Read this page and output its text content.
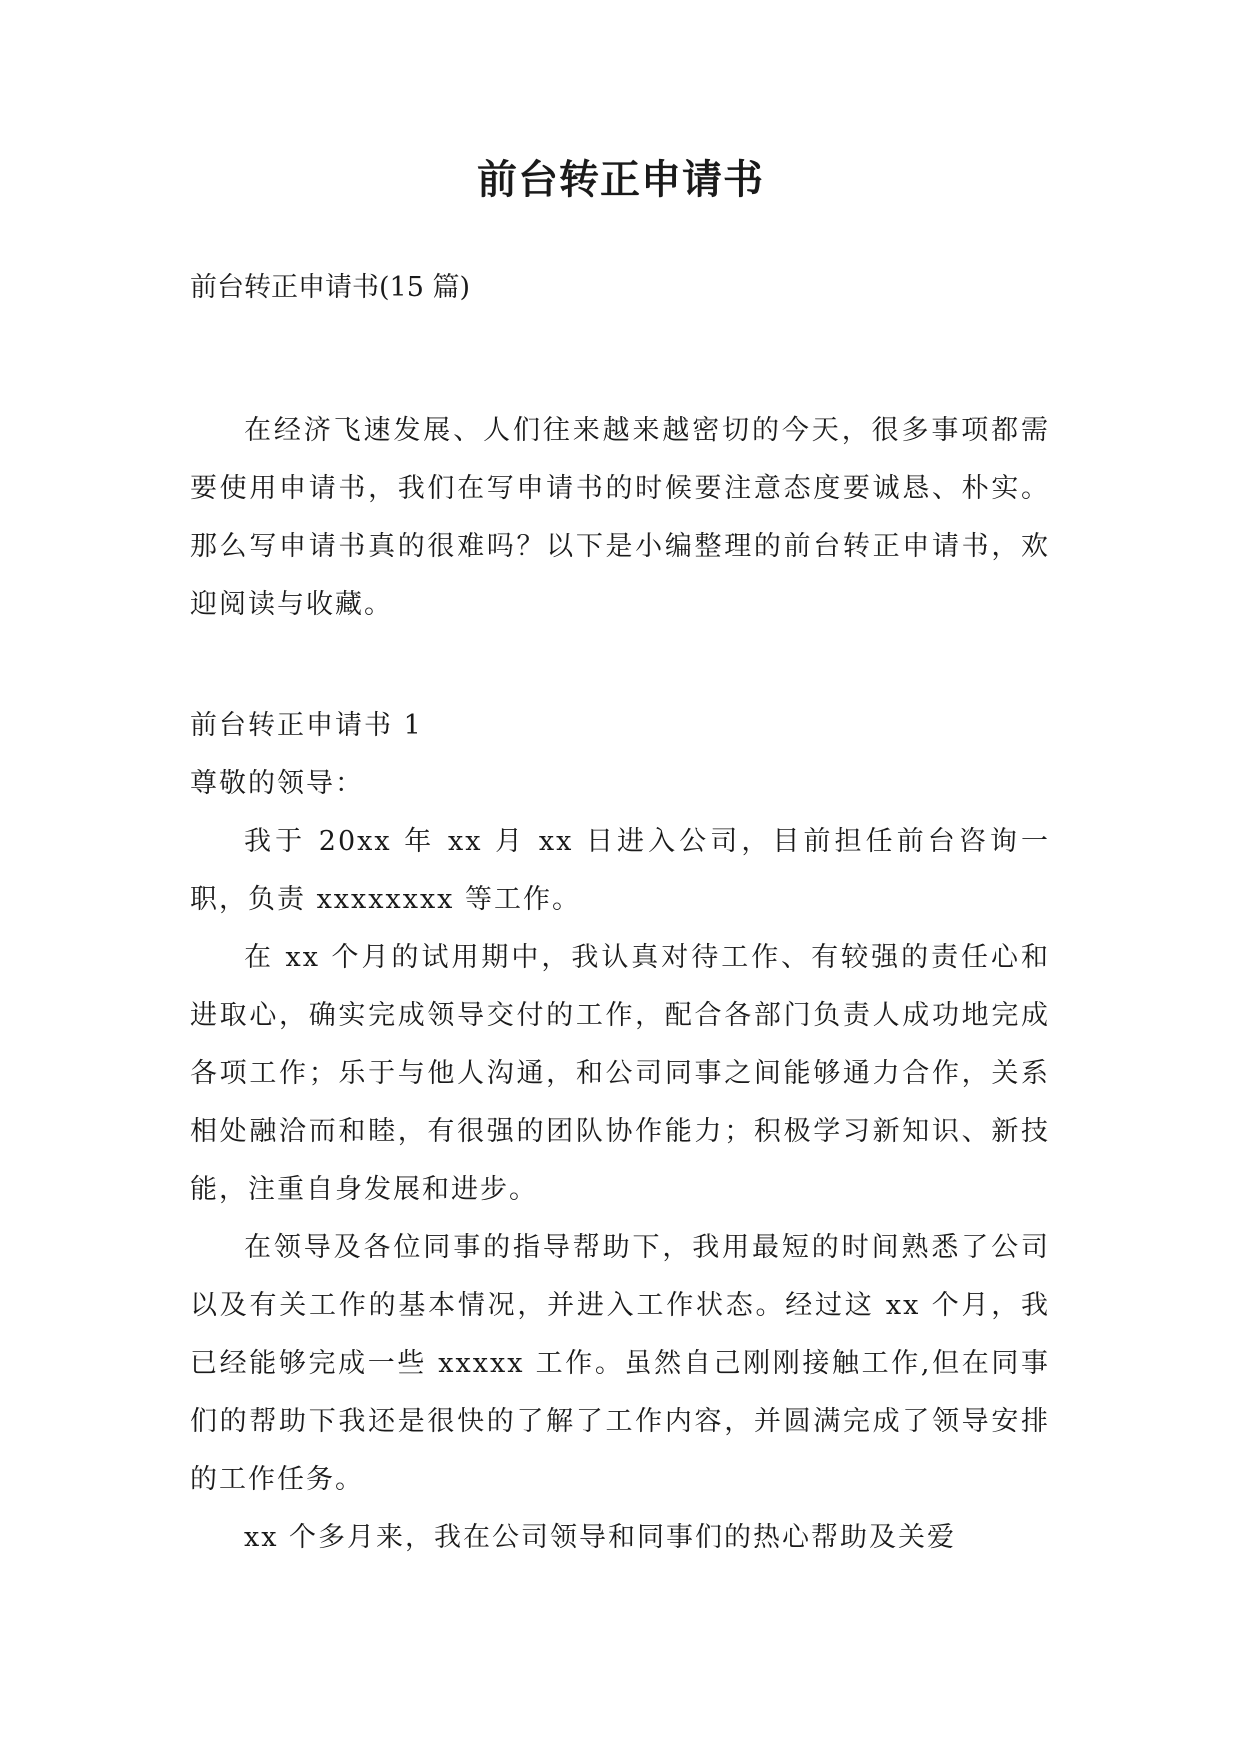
前台转正申请书
前台转正申请书(15 篇)

在经济飞速发展、人们往来越来越密切的今天，很多事项都需要使用申请书，我们在写申请书的时候要注意态度要诚恳、朴实。那么写申请书真的很难吗？以下是小编整理的前台转正申请书，欢迎阅读与收藏。

前台转正申请书 1

尊敬的领导：

我于 20xx 年 xx 月 xx 日进入公司，目前担任前台咨询一职，负责 xxxxxxxx 等工作。

在 xx 个月的试用期中，我认真对待工作、有较强的责任心和进取心，确实完成领导交付的工作，配合各部门负责人成功地完成各项工作；乐于与他人沟通，和公司同事之间能够通力合作，关系相处融洽而和睦，有很强的团队协作能力；积极学习新知识、新技能，注重自身发展和进步。

在领导及各位同事的指导帮助下，我用最短的时间熟悉了公司以及有关工作的基本情况，并进入工作状态。经过这 xx 个月，我已经能够完成一些 xxxxx 工作。虽然自己刚刚接触工作,但在同事们的帮助下我还是很快的了解了工作内容，并圆满完成了领导安排的工作任务。

xx 个多月来，我在公司领导和同事们的热心帮助及关爱
